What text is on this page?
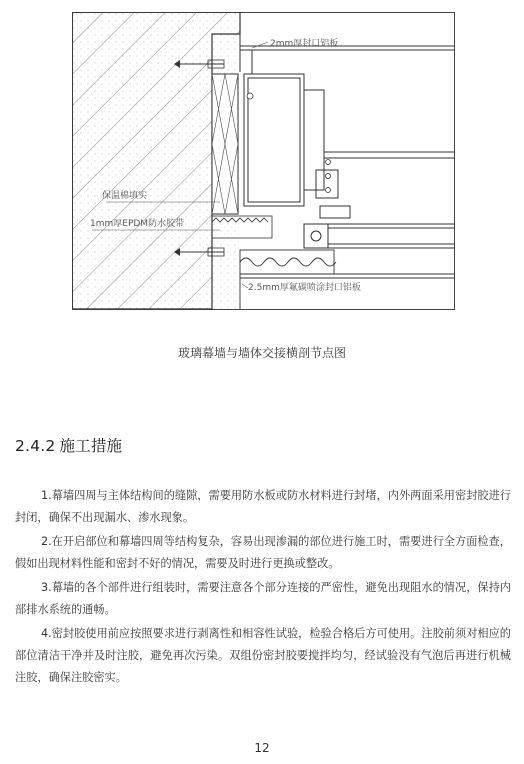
2mm厚封口铝板
保温棉填实
1mm厚EPDM防水胶带
2.5mm厚氟碳喷涂封口铝板
玻璃幕墙与墙体交接横剖节点图
2.4.2 施工措施
1.幕墙四周与主体结构间的缝隙，需要用防水板或防水材料进行封堵，内外两面采用密封胶进行封闭，确保不出现漏水、渗水现象。
2.在开启部位和幕墙四周等结构复杂，容易出现渗漏的部位进行施工时，需要进行全方面检查，假如出现材料性能和密封不好的情况，需要及时进行更换或整改。
3.幕墙的各个部件进行组装时，需要注意各个部分连接的严密性，避免出现阻水的情况，保持内部排水系统的通畅。
4.密封胶使用前应按照要求进行剥离性和相容性试验，检验合格后方可使用。注胶前须对相应的部位清洁干净并及时注胶，避免再次污染。双组份密封胶要搅拌均匀，经试验没有气泡后再进行机械注胶，确保注胶密实。
12
